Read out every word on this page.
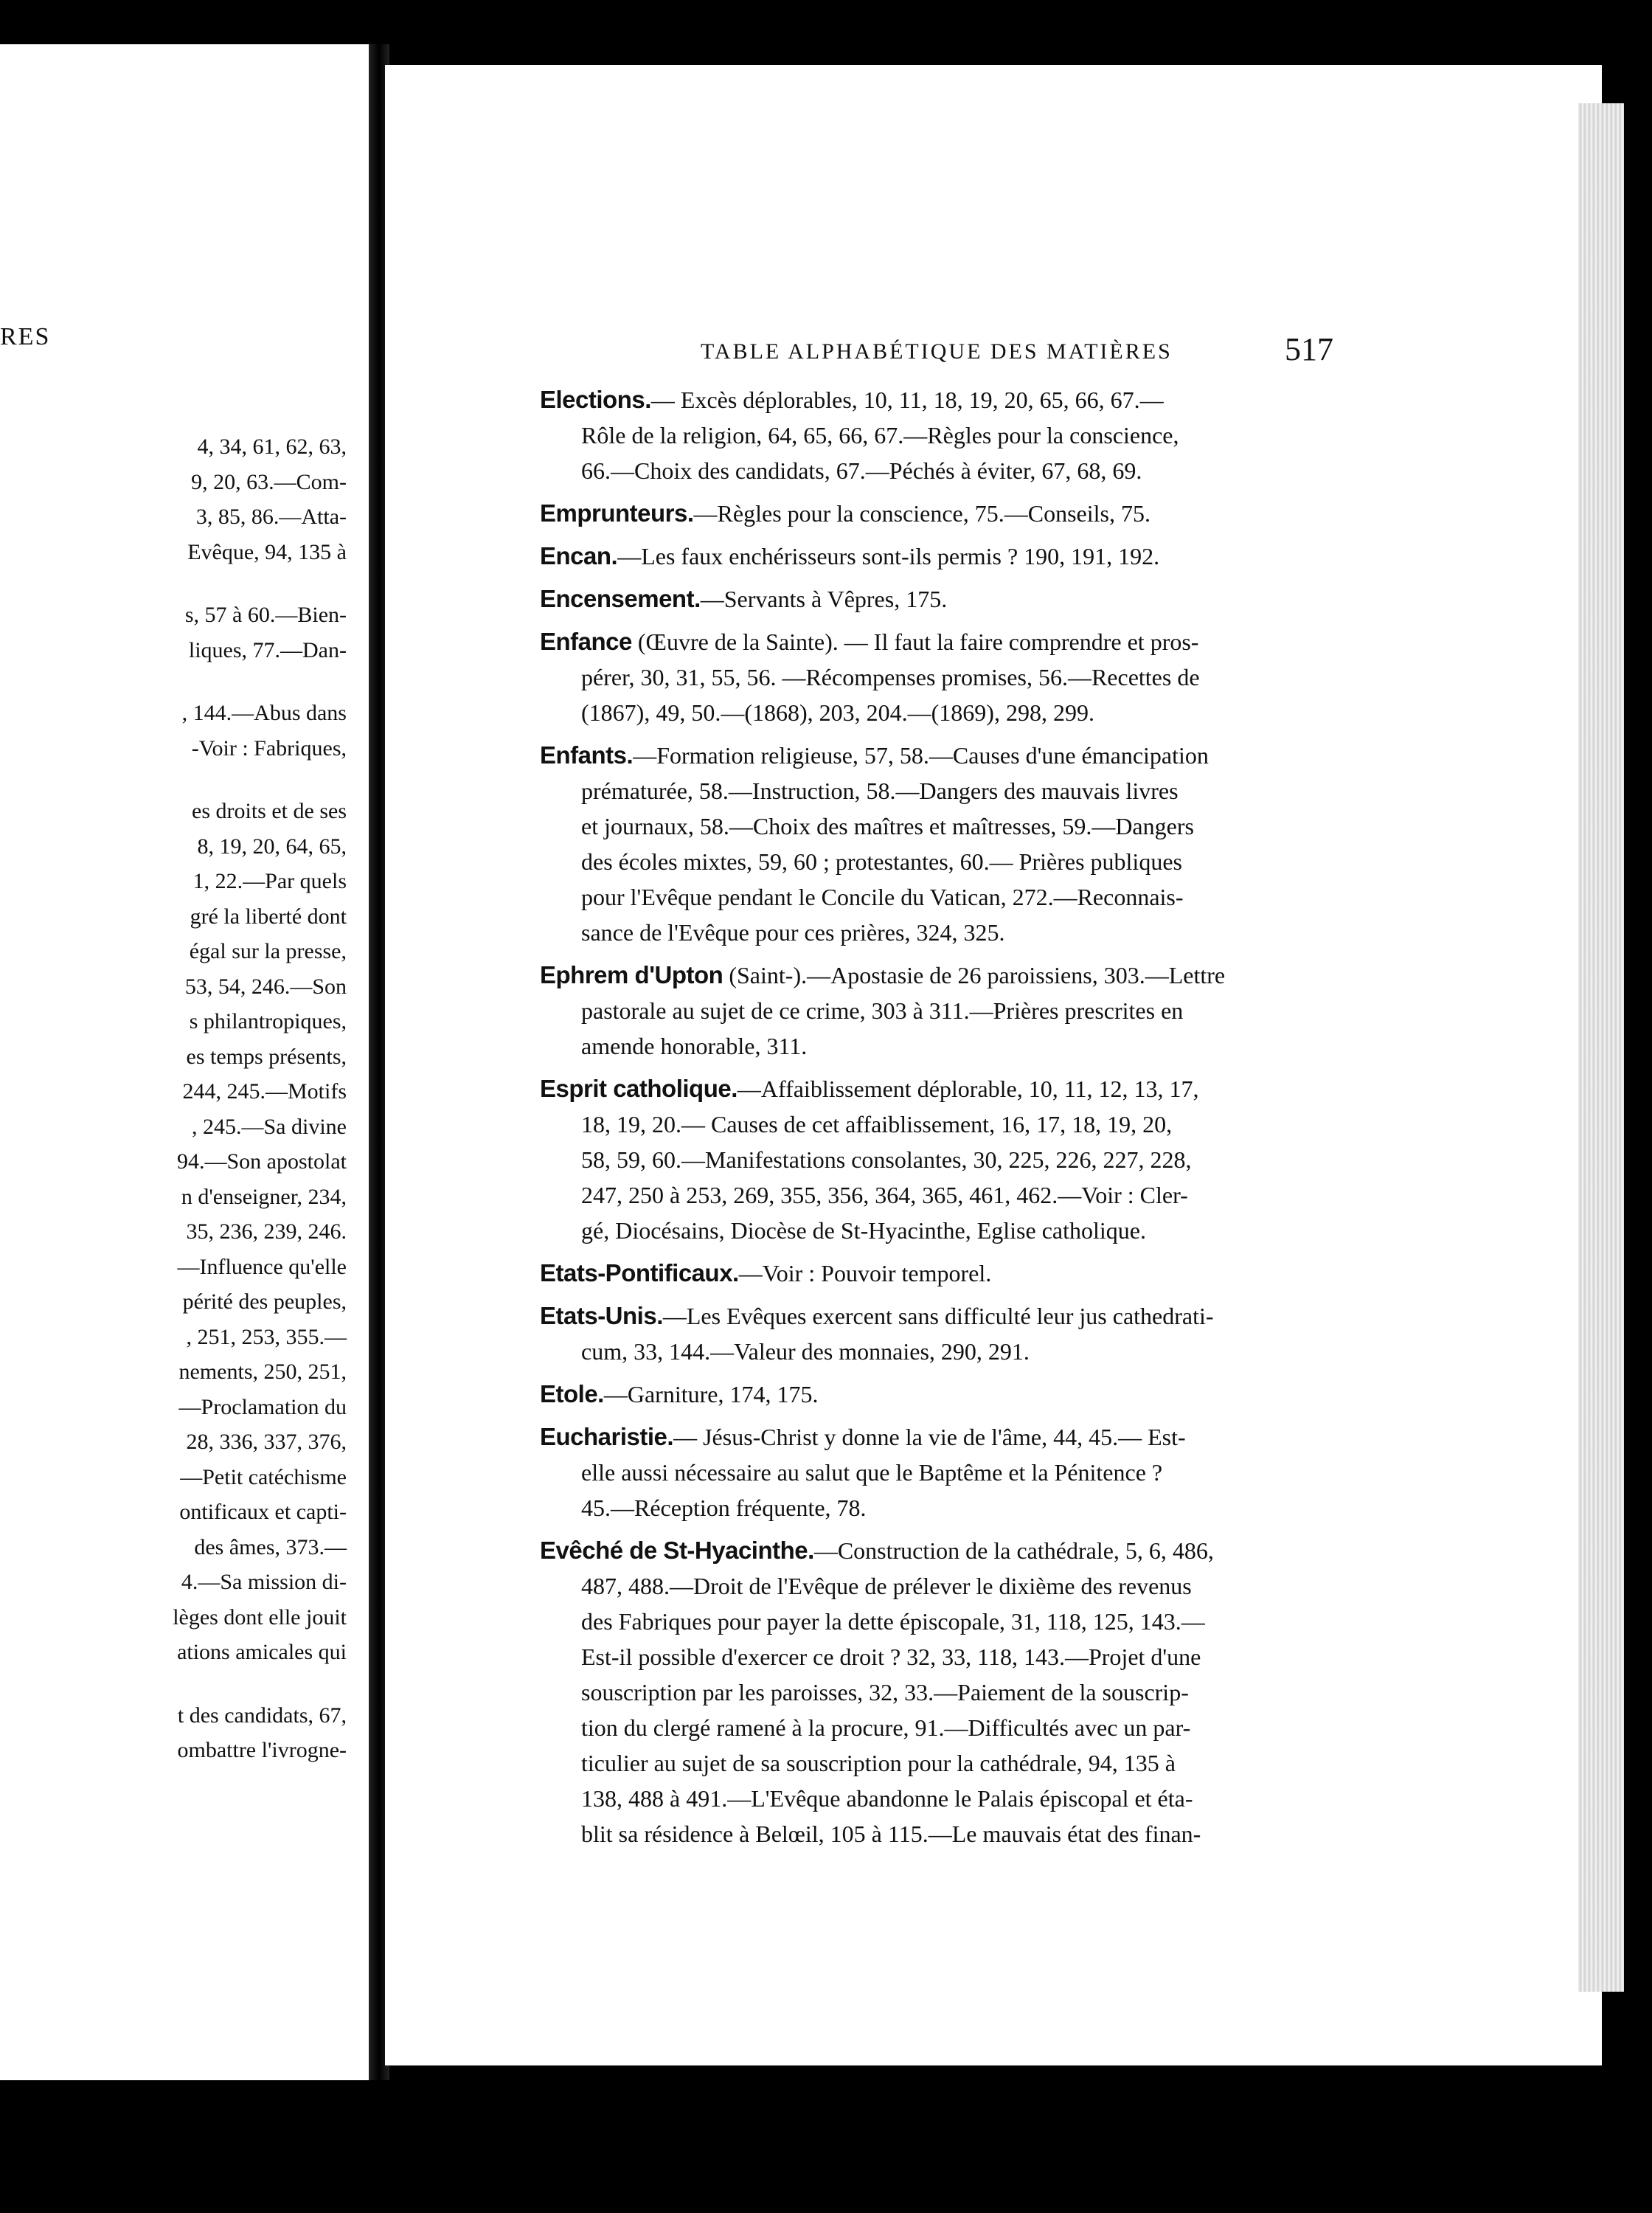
RES
4, 34, 61, 62, 63,
9, 20, 63.—Com-
3, 85, 86.—Atta-
Evêque, 94, 135 à
s, 57 à 60.—Bien-
liques, 77.—Dan-
, 144.—Abus dans
-Voir : Fabriques,
es droits et de ses
8, 19, 20, 64, 65,
1, 22.—Par quels
gré la liberté dont
égal sur la presse,
53, 54, 246.—Son
s philantropiques,
es temps présents,
244, 245.—Motifs
, 245.—Sa divine
94.—Son apostolat
n d'enseigner, 234,
35, 236, 239, 246.
—Influence qu'elle
périté des peuples,
, 251, 253, 355.—
nements, 250, 251,
—Proclamation du
28, 336, 337, 376,
—Petit catéchisme
ontificaux et capti-
des âmes, 373.—
4.—Sa mission di-
lèges dont elle jouit
ations amicales qui
t des candidats, 67,
ombattre l'ivrogne-
TABLE ALPHABÉTIQUE DES MATIÈRES	517
Elections.— Excès déplorables, 10, 11, 18, 19, 20, 65, 66, 67.—
Rôle de la religion, 64, 65, 66, 67.—Règles pour la conscience,
66.—Choix des candidats, 67.—Péchés à éviter, 67, 68, 69.
Emprunteurs.—Règles pour la conscience, 75.—Conseils, 75.
Encan.—Les faux enchérisseurs sont-ils permis ? 190, 191, 192.
Encensement.—Servants à Vêpres, 175.
Enfance (Œuvre de la Sainte). — Il faut la faire comprendre et pros-
pérer, 30, 31, 55, 56. —Récompenses promises, 56.—Recettes de
(1867), 49, 50.—(1868), 203, 204.—(1869), 298, 299.
Enfants.—Formation religieuse, 57, 58.—Causes d'une émancipation
prématurée, 58.—Instruction, 58.—Dangers des mauvais livres
et journaux, 58.—Choix des maîtres et maîtresses, 59.—Dangers
des écoles mixtes, 59, 60 ; protestantes, 60.— Prières publiques
pour l'Evêque pendant le Concile du Vatican, 272.—Reconnais-
sance de l'Evêque pour ces prières, 324, 325.
Ephrem d'Upton (Saint-).—Apostasie de 26 paroissiens, 303.—Lettre
pastorale au sujet de ce crime, 303 à 311.—Prières prescrites en
amende honorable, 311.
Esprit catholique.—Affaiblissement déplorable, 10, 11, 12, 13, 17,
18, 19, 20.— Causes de cet affaiblissement, 16, 17, 18, 19, 20,
58, 59, 60.—Manifestations consolantes, 30, 225, 226, 227, 228,
247, 250 à 253, 269, 355, 356, 364, 365, 461, 462.—Voir : Cler-
gé, Diocésains, Diocèse de St-Hyacinthe, Eglise catholique.
Etats-Pontificaux.—Voir : Pouvoir temporel.
Etats-Unis.—Les Evêques exercent sans difficulté leur jus cathedrati-
cum, 33, 144.—Valeur des monnaies, 290, 291.
Etole.—Garniture, 174, 175.
Eucharistie.— Jésus-Christ y donne la vie de l'âme, 44, 45.— Est-
elle aussi nécessaire au salut que le Baptême et la Pénitence ?
45.—Réception fréquente, 78.
Evêché de St-Hyacinthe.—Construction de la cathédrale, 5, 6, 486,
487, 488.—Droit de l'Evêque de prélever le dixième des revenus
des Fabriques pour payer la dette épiscopale, 31, 118, 125, 143.—
Est-il possible d'exercer ce droit ? 32, 33, 118, 143.—Projet d'une
souscription par les paroisses, 32, 33.—Paiement de la souscrip-
tion du clergé ramené à la procure, 91.—Difficultés avec un par-
ticulier au sujet de sa souscription pour la cathédrale, 94, 135 à
138, 488 à 491.—L'Evêque abandonne le Palais épiscopal et éta-
blit sa résidence à Belœil, 105 à 115.—Le mauvais état des finan-
